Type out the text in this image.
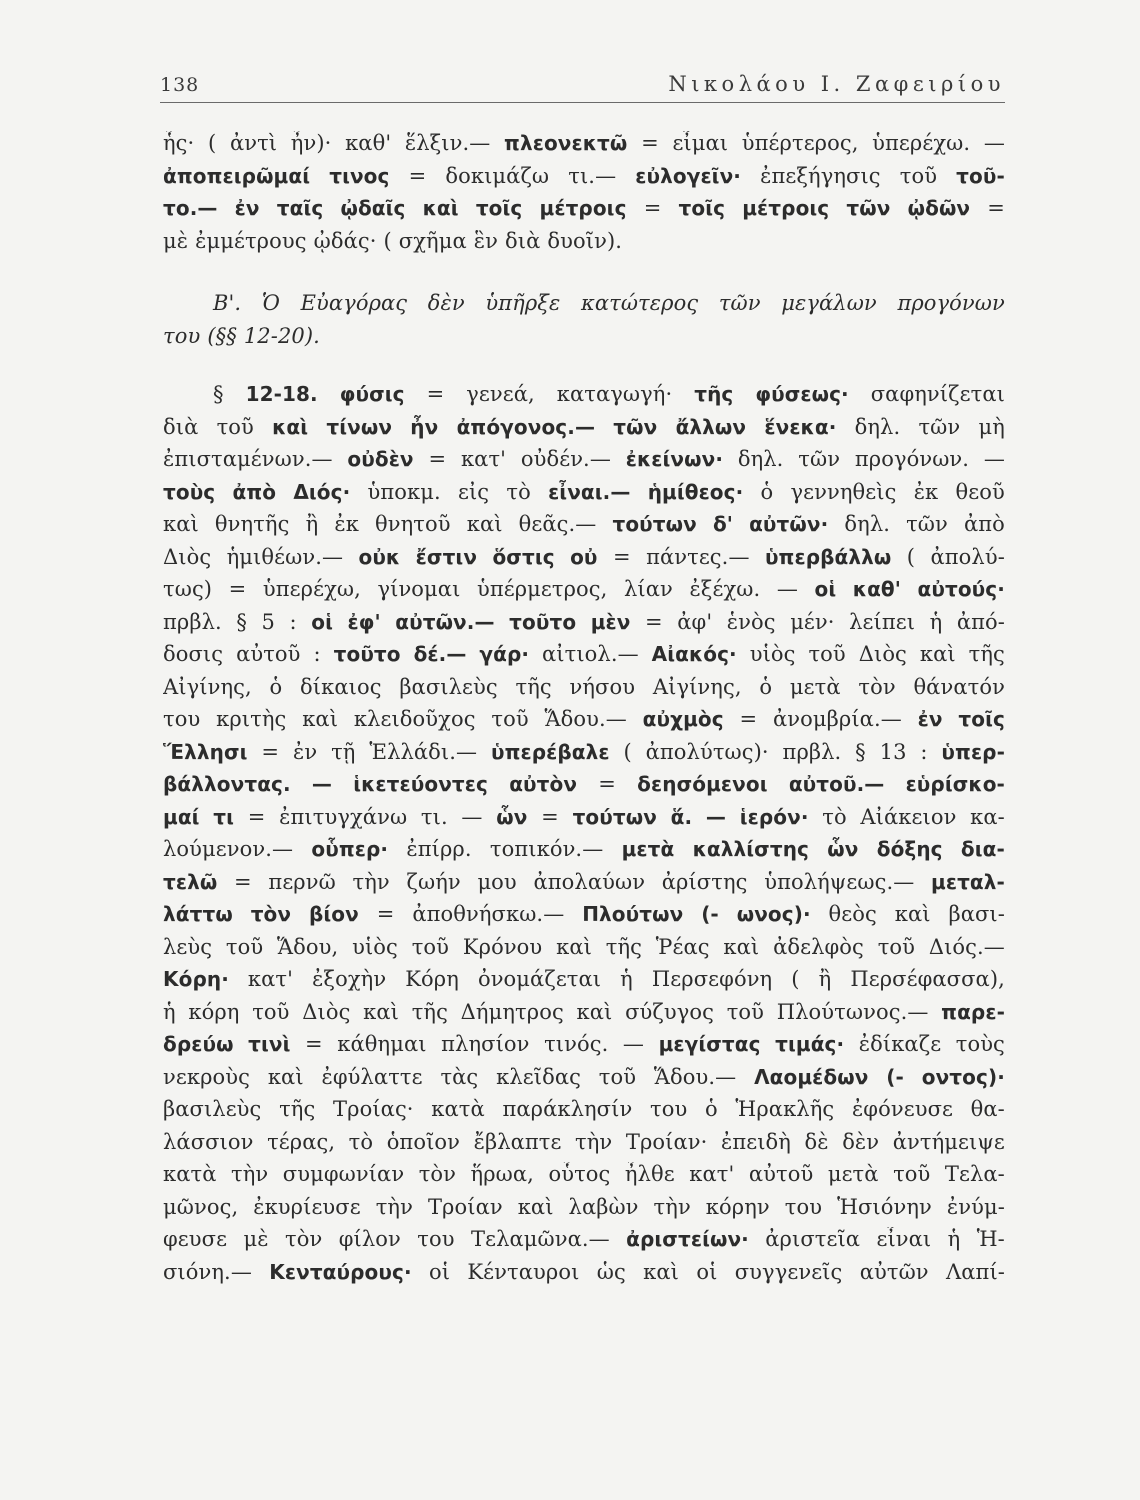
138	Νικολάου Ι. Ζαφειρίου
ἧς· ( ἀντὶ ἦν)· καθ' ἕλξιν.— πλεονεκτῶ = εἶμαι ὑπέρτερος, ὑπερέχω. —
ἀποπειρῶμαί τινος = δοκιμάζω τι.— εὐλογεῖν· ἐπεξήγησις τοῦ τοῦ-
το.— ἐν ταῖς ᾠδαῖς καὶ τοῖς μέτροις = τοῖς μέτροις τῶν ᾠδῶν =
μὲ ἐμμέτρους ᾠδάς· ( σχῆμα ἓν διὰ δυοῖν).
Β'. Ὁ Εὐαγόρας δὲν ὑπῆρξε κατώτερος τῶν μεγάλων προγόνων
του (§§ 12-20).
§ 12-18. φύσις = γενεά, καταγωγή· τῆς φύσεως· σαφηνίζεται
διὰ τοῦ καὶ τίνων ἦν ἀπόγονος.— τῶν ἄλλων ἕνεκα· δηλ. τῶν μὴ
ἐπισταμένων.— οὐδὲν = κατ' οὐδέν.— ἐκείνων· δηλ. τῶν προγόνων. —
τοὺς ἀπὸ Διός· ὑποκμ. εἰς τὸ εἶναι.— ἡμίθεος· ὁ γεννηθεὶς ἐκ θεοῦ
καὶ θνητῆς ἢ ἐκ θνητοῦ καὶ θεᾶς.— τούτων δ' αὐτῶν· δηλ. τῶν ἀπὸ
Διὸς ἡμιθέων.— οὐκ ἔστιν ὅστις οὐ = πάντες.— ὑπερβάλλω ( ἀπολύ-
τως) = ὑπερέχω, γίνομαι ὑπέρμετρος, λίαν ἐξέχω. — οἱ καθ' αὐτούς·
πρβλ. § 5 : οἱ ἐφ' αὐτῶν.— τοῦτο μὲν = ἀφ' ἑνὸς μέν· λείπει ἡ ἀπό-
δοσις αὐτοῦ : τοῦτο δέ.— γάρ· αἰτιολ.— Αἰακός· υἱὸς τοῦ Διὸς καὶ τῆς
Αἰγίνης, ὁ δίκαιος βασιλεὺς τῆς νήσου Αἰγίνης, ὁ μετὰ τὸν θάνατόν
του κριτὴς καὶ κλειδοῦχος τοῦ Ἅδου.— αὐχμὸς = ἀνομβρία.— ἐν τοῖς
Ἕλλησι = ἐν τῇ Ἑλλάδι.— ὑπερέβαλε ( ἀπολύτως)· πρβλ. § 13 : ὑπερ-
βάλλοντας. — ἱκετεύοντες αὐτὸν = δεησόμενοι αὐτοῦ.— εὑρίσκο-
μαί τι = ἐπιτυγχάνω τι. — ὧν = τούτων ἅ. — ἱερόν· τὸ Αἰάκειον κα-
λούμενον.— οὗπερ· ἐπίρρ. τοπικόν.— μετὰ καλλίστης ὧν δόξης δια-
τελῶ = περνῶ τὴν ζωήν μου ἀπολαύων ἀρίστης ὑπολήψεως.— μεταλ-
λάττω τὸν βίον = ἀποθνήσκω.— Πλούτων (- ωνος)· θεὸς καὶ βασι-
λεὺς τοῦ Ἅδου, υἱὸς τοῦ Κρόνου καὶ τῆς Ῥέας καὶ ἀδελφὸς τοῦ Διός.—
Κόρη· κατ' ἐξοχὴν Κόρη ὀνομάζεται ἡ Περσεφόνη ( ἢ Περσέφασσα),
ἡ κόρη τοῦ Διὸς καὶ τῆς Δήμητρος καὶ σύζυγος τοῦ Πλούτωνος.— παρε-
δρεύω τινὶ = κάθημαι πλησίον τινός. — μεγίστας τιμάς· ἐδίκαζε τοὺς
νεκροὺς καὶ ἐφύλαττε τὰς κλεῖδας τοῦ Ἅδου.— Λαομέδων (- οντος)·
βασιλεὺς τῆς Τροίας· κατὰ παράκλησίν του ὁ Ἡρακλῆς ἐφόνευσε θα-
λάσσιον τέρας, τὸ ὁποῖον ἔβλαπτε τὴν Τροίαν· ἐπειδὴ δὲ δὲν ἀντήμειψε
κατὰ τὴν συμφωνίαν τὸν ἥρωα, οὗτος ἦλθε κατ' αὐτοῦ μετὰ τοῦ Τελα-
μῶνος, ἐκυρίευσε τὴν Τροίαν καὶ λαβὼν τὴν κόρην του Ἡσιόνην ἐνύμ-
φευσε μὲ τὸν φίλον του Τελαμῶνα.— ἀριστείων· ἀριστεῖα εἶναι ἡ Ἡ-
σιόνη.— Κενταύρους· οἱ Κένταυροι ὡς καὶ οἱ συγγενεῖς αὐτῶν Λαπί-
